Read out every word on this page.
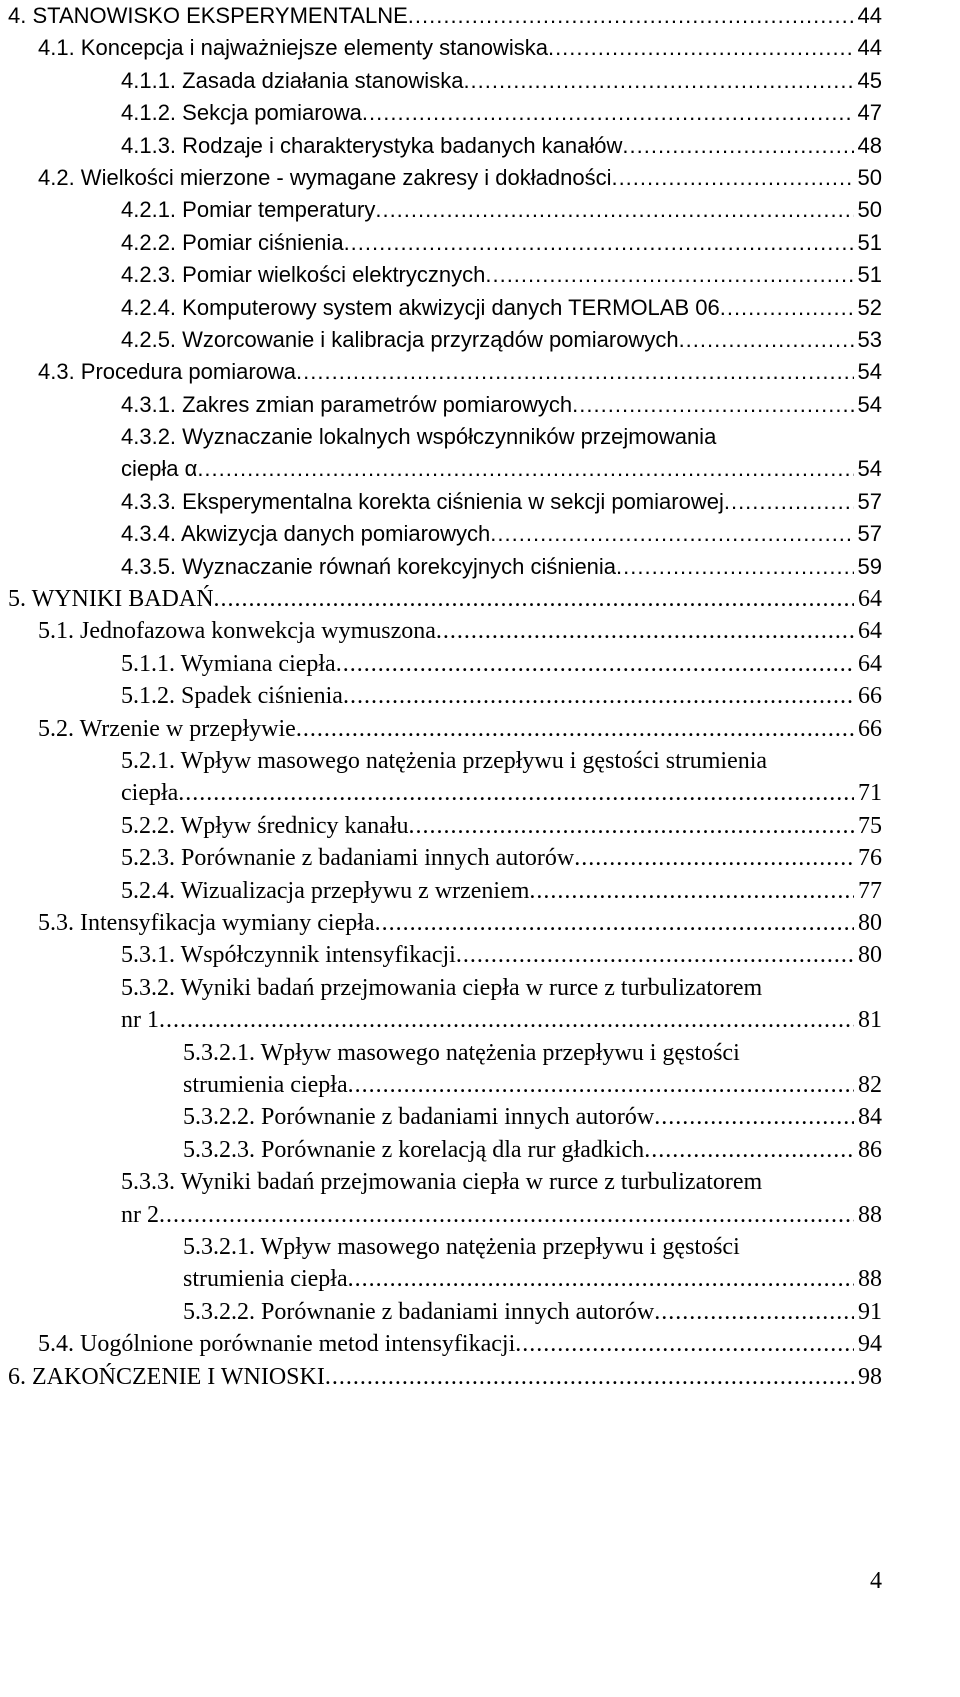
4. STANOWISKO EKSPERYMENTALNE .....	44
4.1. Koncepcja i najważniejsze elementy stanowiska .....	44
4.1.1. Zasada działania stanowiska .....	45
4.1.2. Sekcja pomiarowa .....	47
4.1.3. Rodzaje i charakterystyka badanych kanałów .....	48
4.2. Wielkości mierzone - wymagane zakresy i dokładności .....	50
4.2.1. Pomiar temperatury .....	50
4.2.2. Pomiar ciśnienia .....	51
4.2.3. Pomiar wielkości elektrycznych .....	51
4.2.4. Komputerowy system akwizycji danych TERMOLAB 06 .....	52
4.2.5. Wzorcowanie i kalibracja przyrządów pomiarowych .....	53
4.3. Procedura pomiarowa .....	54
4.3.1. Zakres zmian parametrów pomiarowych .....	54
4.3.2. Wyznaczanie lokalnych współczynników przejmowania
ciepła α .....	54
4.3.3. Eksperymentalna korekta ciśnienia w sekcji pomiarowej .....	57
4.3.4. Akwizycja danych pomiarowych .....	57
4.3.5. Wyznaczanie równań korekcyjnych ciśnienia .....	59
5. WYNIKI BADAŃ .....	64
5.1. Jednofazowa konwekcja wymuszona .....	64
5.1.1. Wymiana ciepła .....	64
5.1.2. Spadek ciśnienia .....	66
5.2. Wrzenie w przepływie .....	66
5.2.1. Wpływ masowego natężenia przepływu i gęstości strumienia
ciepła .....	71
5.2.2. Wpływ średnicy kanału .....	75
5.2.3. Porównanie z badaniami innych autorów .....	76
5.2.4. Wizualizacja przepływu z wrzeniem .....	77
5.3. Intensyfikacja wymiany ciepła .....	80
5.3.1. Współczynnik intensyfikacji .....	80
5.3.2. Wyniki badań przejmowania ciepła w rurce z turbulizatorem
nr 1 .....	81
5.3.2.1. Wpływ masowego natężenia przepływu i gęstości
strumienia ciepła .....	82
5.3.2.2. Porównanie z badaniami innych autorów .....	84
5.3.2.3. Porównanie z korelacją dla rur gładkich .....	86
5.3.3. Wyniki badań przejmowania ciepła w rurce z turbulizatorem
nr 2 .....	88
5.3.2.1. Wpływ masowego natężenia przepływu i gęstości
strumienia ciepła .....	88
5.3.2.2. Porównanie z badaniami innych autorów .....	91
5.4. Uogólnione porównanie metod intensyfikacji .....	94
6. ZAKOŃCZENIE I WNIOSKI .....	98
4
